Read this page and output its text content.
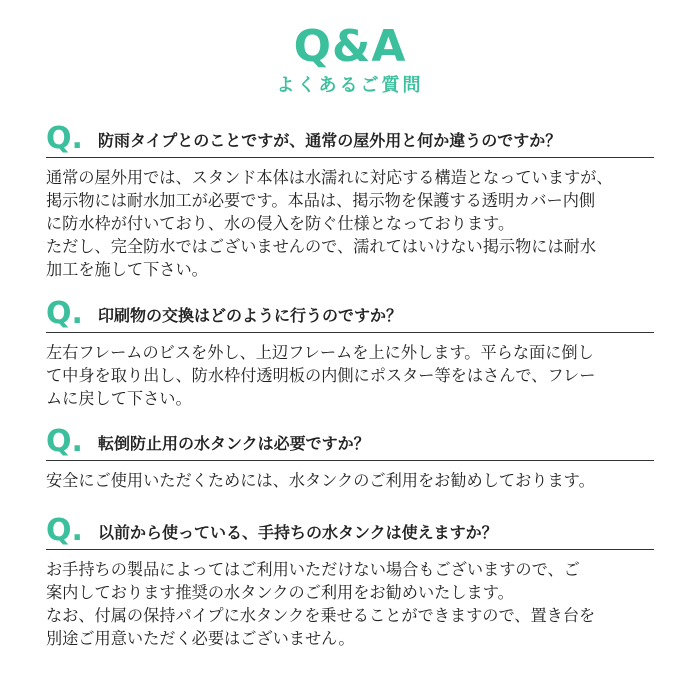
Q&A
よくあるご質問
Q. 防雨タイプとのことですが、通常の屋外用と何か違うのですか？
通常の屋外用では、スタンド本体は水濡れに対応する構造となっていますが、
掲示物には耐水加工が必要です。本品は、掲示物を保護する透明カバー内側
に防水枠が付いており、水の侵入を防ぐ仕様となっております。
ただし、完全防水ではございませんので、濡れてはいけない掲示物には耐水
加工を施して下さい。
Q. 印刷物の交換はどのように行うのですか？
左右フレームのビスを外し、上辺フレームを上に外します。平らな面に倒し
て中身を取り出し、防水枠付透明板の内側にポスター等をはさんで、フレー
ムに戻して下さい。
Q. 転倒防止用の水タンクは必要ですか？
安全にご使用いただくためには、水タンクのご利用をお勧めしております。
Q. 以前から使っている、手持ちの水タンクは使えますか？
お手持ちの製品によってはご利用いただけない場合もございますので、ご
案内しております推奨の水タンクのご利用をお勧めいたします。
なお、付属の保持パイプに水タンクを乗せることができますので、置き台を
別途ご用意いただく必要はございません。
